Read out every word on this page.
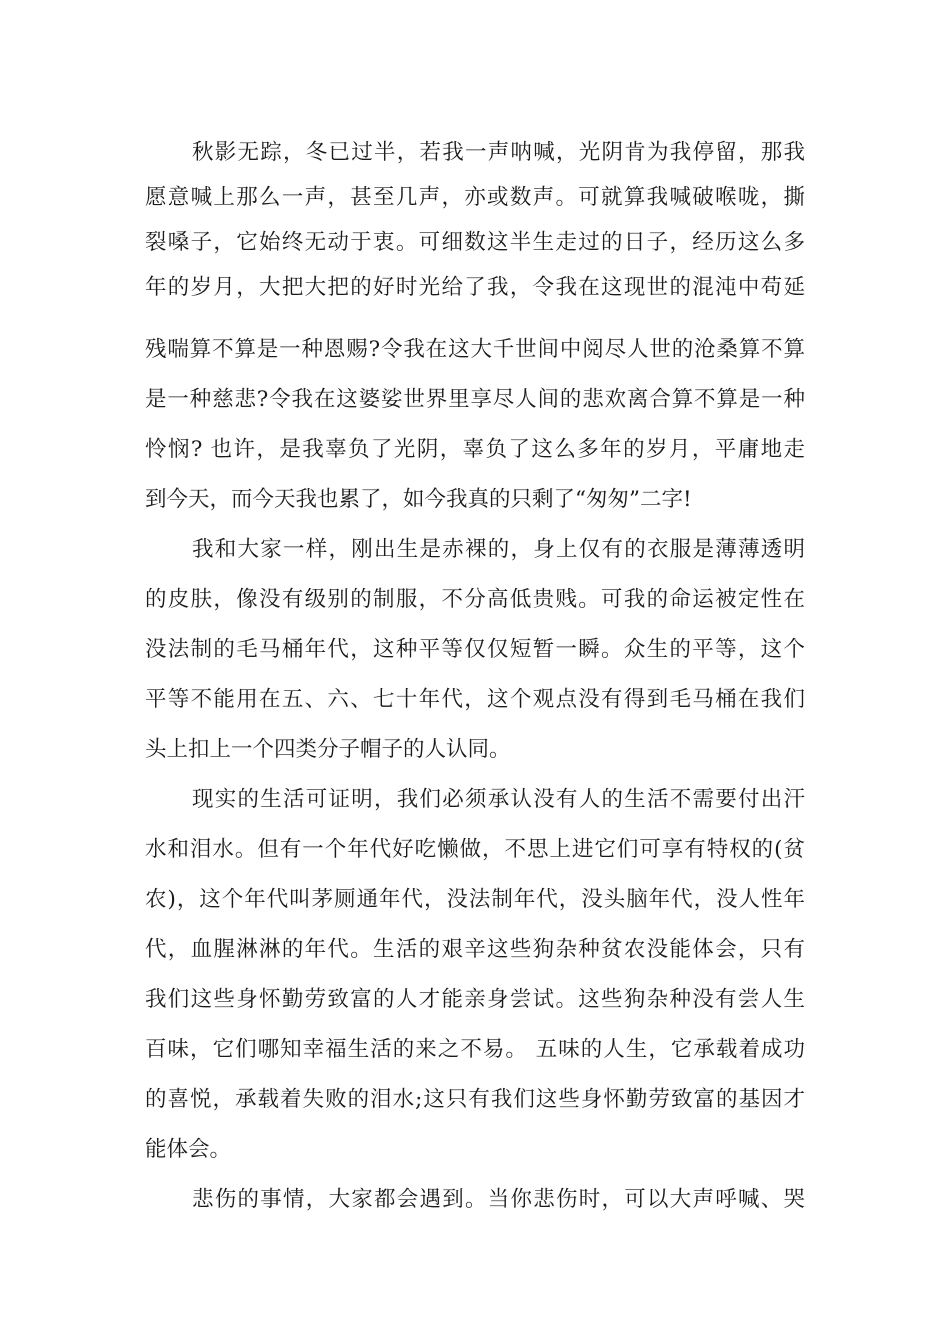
秋影无踪，冬已过半，若我一声呐喊，光阴肯为我停留，那我
愿意喊上那么一声，甚至几声，亦或数声。可就算我喊破喉咙，撕
裂嗓子，它始终无动于衷。可细数这半生走过的日子，经历这么多
年的岁月，大把大把的好时光给了我，令我在这现世的混沌中苟延
残喘算不算是一种恩赐?令我在这大千世间中阅尽人世的沧桑算不算
是一种慈悲?令我在这婆娑世界里享尽人间的悲欢离合算不算是一种
怜悯? 也许，是我辜负了光阴，辜负了这么多年的岁月，平庸地走
到今天，而今天我也累了，如今我真的只剩了“匆匆”二字!
我和大家一样，刚出生是赤裸的，身上仅有的衣服是薄薄透明
的皮肤，像没有级别的制服，不分高低贵贱。可我的命运被定性在
没法制的毛马桶年代，这种平等仅仅短暂一瞬。众生的平等，这个
平等不能用在五、六、七十年代，这个观点没有得到毛马桶在我们
头上扣上一个四类分子帽子的人认同。
现实的生活可证明，我们必须承认没有人的生活不需要付出汗
水和泪水。但有一个年代好吃懒做，不思上进它们可享有特权的(贫
农)，这个年代叫茅厕通年代，没法制年代，没头脑年代，没人性年
代，血腥淋淋的年代。生活的艰辛这些狗杂种贫农没能体会，只有
我们这些身怀勤劳致富的人才能亲身尝试。这些狗杂种没有尝人生
百味，它们哪知幸福生活的来之不易。 五味的人生，它承载着成功
的喜悦，承载着失败的泪水;这只有我们这些身怀勤劳致富的基因才
能体会。
悲伤的事情，大家都会遇到。当你悲伤时，可以大声呼喊、哭
